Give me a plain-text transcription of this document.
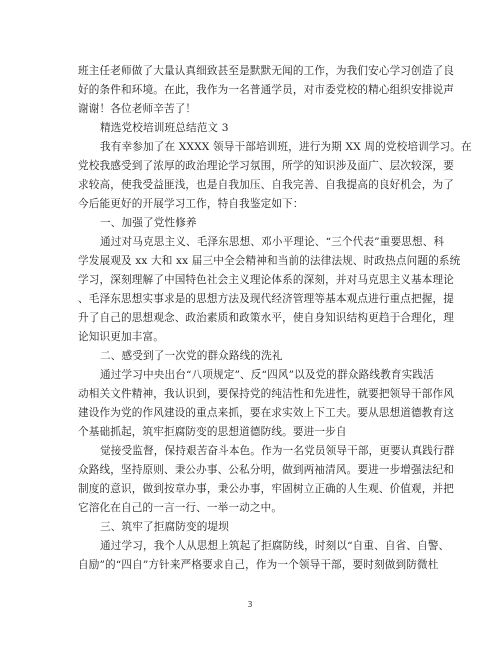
班主任老师做了大量认真细致甚至是默默无闻的工作，为我们安心学习创造了良
好的条件和环境。在此，我作为一名普通学员，对市委党校的精心组织安排说声
谢谢！各位老师辛苦了！
精选党校培训班总结范文 3
我有幸参加了在 XXXX 领导干部培训班，进行为期 XX 周的党校培训学习。在
党校我感受到了浓厚的政治理论学习氛围，所学的知识涉及面广、层次较深，要
求较高，使我受益匪浅，也是自我加压、自我完善、自我提高的良好机会，为了
今后能更好的开展学习工作，特自我鉴定如下：
一、加强了党性修养
通过对马克思主义、毛泽东思想、邓小平理论、“三个代表”重要思想、科
学发展观及 xx 大和 xx 届三中全会精神和当前的法律法规、时政热点问题的系统
学习，深刻理解了中国特色社会主义理论体系的深刻，并对马克思主义基本理论
、毛泽东思想实事求是的思想方法及现代经济管理等基本观点进行重点把握，提
升了自己的思想观念、政治素质和政策水平，使自身知识结构更趋于合理化，理
论知识更加丰富。
二、感受到了一次党的群众路线的洗礼
通过学习中央出台“八项规定”、反“四风”以及党的群众路线教育实践活
动相关文件精神，我认识到，要保持党的纯洁性和先进性，就要把领导干部作风
建设作为党的作风建设的重点来抓，要在求实效上下工夫。要从思想道德教育这
个基础抓起，筑牢拒腐防变的思想道德防线。要进一步自
觉接受监督，保持艰苦奋斗本色。作为一名党员领导干部，更要认真践行群
众路线，坚持原则、秉公办事、公私分明，做到两袖清风。要进一步增强法纪和
制度的意识，做到按章办事，秉公办事，牢固树立正确的人生观、价值观，并把
它溶化在自己的一言一行、一举一动之中。
三、筑牢了拒腐防变的堤坝
通过学习，我个人从思想上筑起了拒腐防线，时刻以“自重、自省、自警、
自励”的“四自”方针来严格要求自己，作为一个领导干部，要时刻做到防微杜
3
